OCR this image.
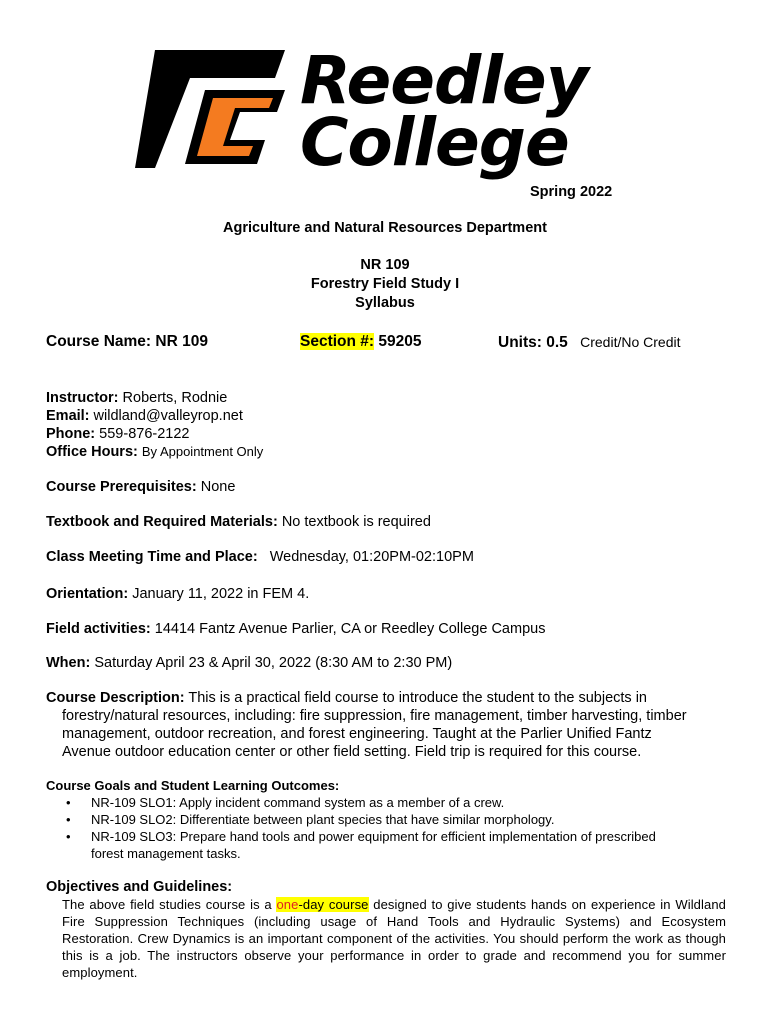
Reedley
College
Spring 2022
Agriculture and Natural Resources Department
NR 109
Forestry Field Study I
Syllabus
Course Name: NR 109	Section #: 59205	Units: 0.5 Credit/No Credit
Instructor: Roberts, Rodnie
Email: wildland@valleyrop.net
Phone: 559-876-2122
Office Hours: By Appointment Only
Course Prerequisites: None
Textbook and Required Materials: No textbook is required
Class Meeting Time and Place: Wednesday, 01:20PM-02:10PM
Orientation: January 11, 2022 in FEM 4.
Field activities: 14414 Fantz Avenue Parlier, CA or Reedley College Campus
When: Saturday April 23 & April 30, 2022 (8:30 AM to 2:30 PM)
Course Description: This is a practical field course to introduce the student to the subjects in
forestry/natural resources, including: fire suppression, fire management, timber harvesting, timber
management, outdoor recreation, and forest engineering. Taught at the Parlier Unified Fantz
Avenue outdoor education center or other field setting. Field trip is required for this course.
Course Goals and Student Learning Outcomes:
• NR-109 SLO1: Apply incident command system as a member of a crew.
• NR-109 SLO2: Differentiate between plant species that have similar morphology.
• NR-109 SLO3: Prepare hand tools and power equipment for efficient implementation of prescribed
forest management tasks.
Objectives and Guidelines:
The above field studies course is a one-day course designed to give students hands on experience in Wildland Fire Suppression Techniques (including usage of Hand Tools and Hydraulic Systems) and Ecosystem Restoration. Crew Dynamics is an important component of the activities. You should perform the work as though this is a job. The instructors observe your performance in order to grade and recommend you for summer employment.
